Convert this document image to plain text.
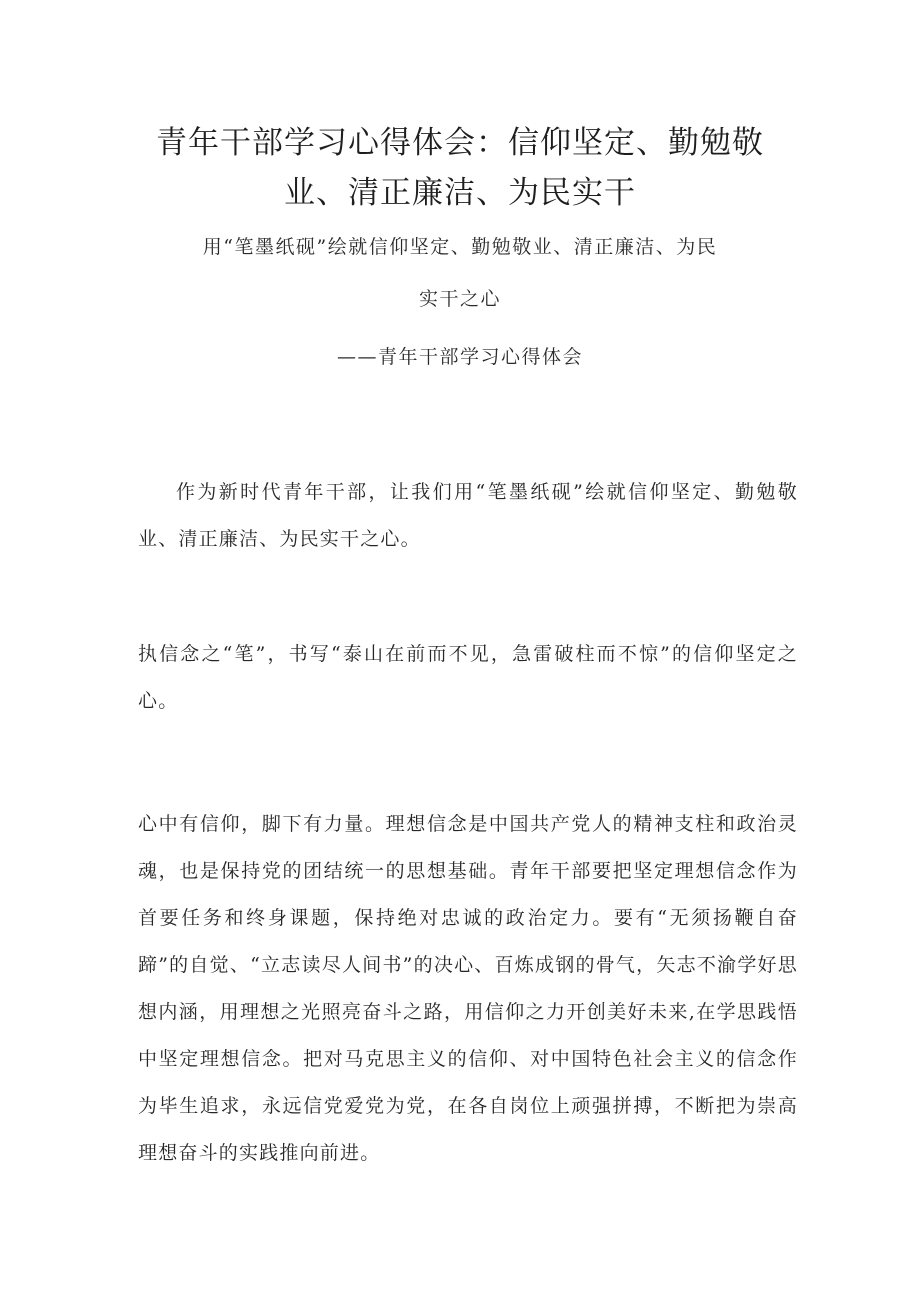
青年干部学习心得体会：信仰坚定、勤勉敬业、清正廉洁、为民实干
用“笔墨纸砚”绘就信仰坚定、勤勉敬业、清正廉洁、为民
实干之心
——青年干部学习心得体会

作为新时代青年干部，让我们用“笔墨纸砚”绘就信仰坚定、勤勉敬业、清正廉洁、为民实干之心。

执信念之“笔”，书写“泰山在前而不见，急雷破柱而不惊”的信仰坚定之心。

心中有信仰，脚下有力量。理想信念是中国共产党人的精神支柱和政治灵魂，也是保持党的团结统一的思想基础。青年干部要把坚定理想信念作为首要任务和终身课题，保持绝对忠诚的政治定力。要有“无须扬鞭自奋蹄”的自觉、“立志读尽人间书”的决心、百炼成钢的骨气，矢志不渝学好思想内涵，用理想之光照亮奋斗之路，用信仰之力开创美好未来,在学思践悟中坚定理想信念。把对马克思主义的信仰、对中国特色社会主义的信念作为毕生追求，永远信党爱党为党，在各自岗位上顽强拼搏，不断把为崇高理想奋斗的实践推向前进。
